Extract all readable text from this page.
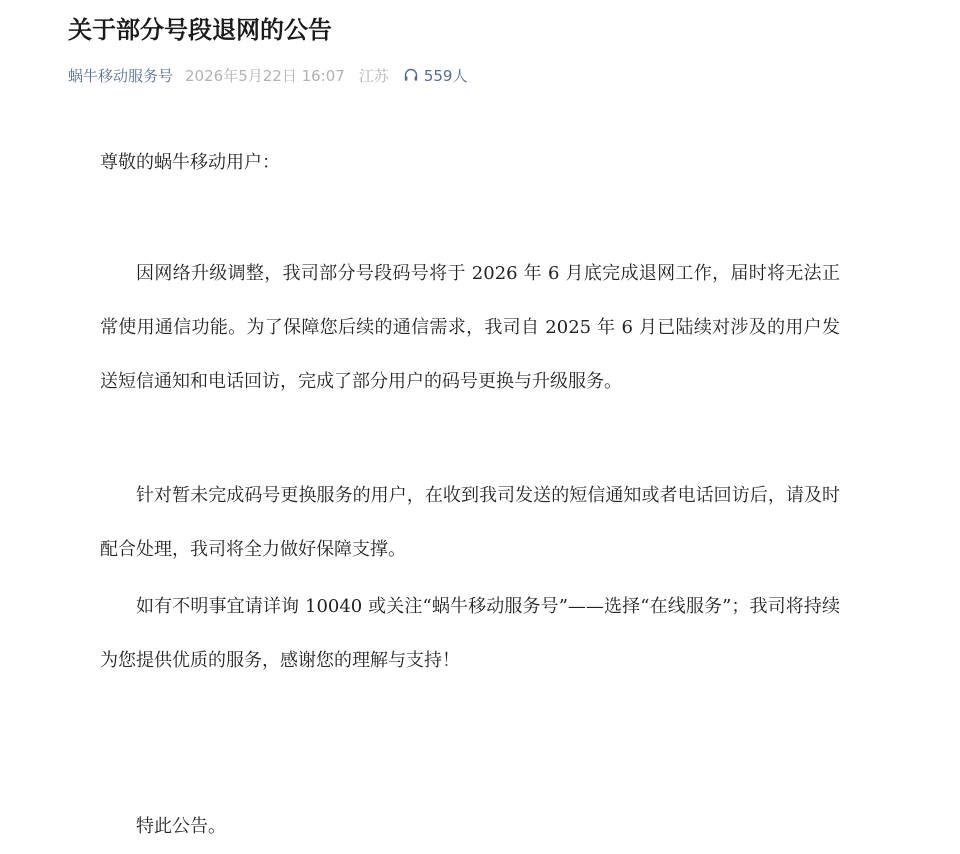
关于部分号段退网的公告
蜗牛移动服务号 2026年5月22日 16:07 江苏 559人

尊敬的蜗牛移动用户：

因网络升级调整，我司部分号段码号将于 2026 年 6 月底完成退网工作，届时将无法正常使用通信功能。为了保障您后续的通信需求，我司自 2025 年 6 月已陆续对涉及的用户发送短信通知和电话回访，完成了部分用户的码号更换与升级服务。

针对暂未完成码号更换服务的用户，在收到我司发送的短信通知或者电话回访后，请及时配合处理，我司将全力做好保障支撑。

如有不明事宜请详询 10040 或关注“蜗牛移动服务号”——选择“在线服务”；我司将持续为您提供优质的服务，感谢您的理解与支持！

特此公告。
